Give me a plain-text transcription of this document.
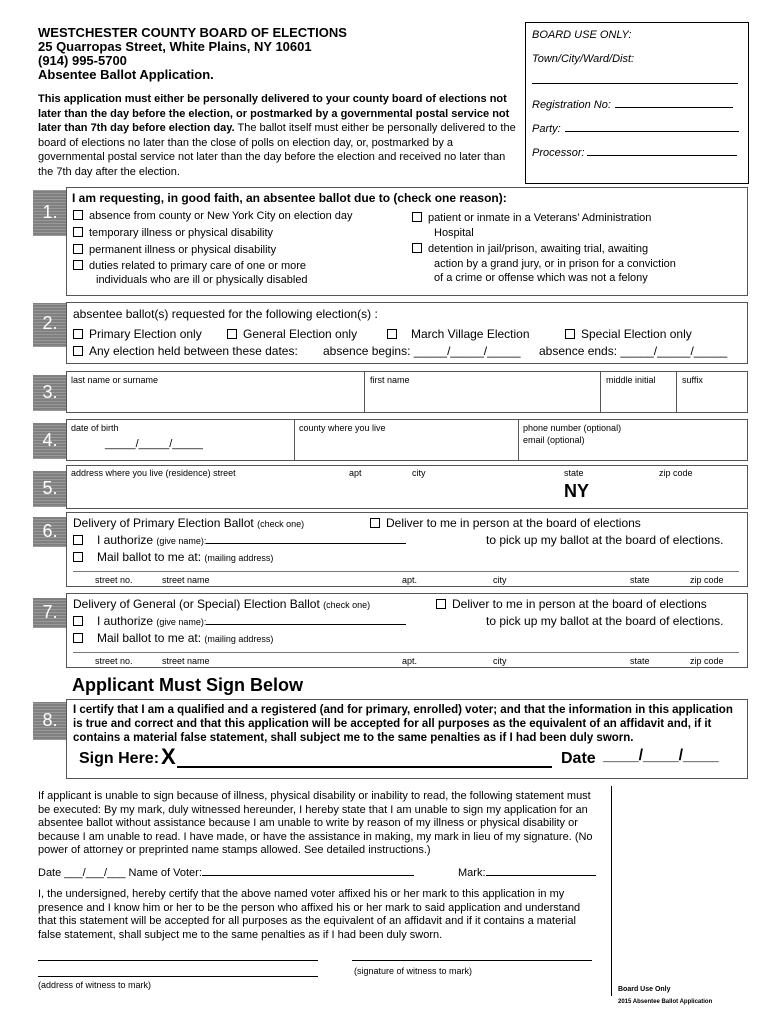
WESTCHESTER COUNTY BOARD OF ELECTIONS
25 Quarropas Street, White Plains, NY 10601
(914) 995-5700
Absentee Ballot Application.
This application must either be personally delivered to your county board of elections not later than the day before the election, or postmarked by a governmental postal service not later than 7th day before election day. The ballot itself must either be personally delivered to the board of elections no later than the close of polls on election day, or, postmarked by a governmental postal service not later than the day before the election and received no later than the 7th day after the election.
BOARD USE ONLY:
Town/City/Ward/Dist:
Registration No:
Party:
Processor:
1.
I am requesting, in good faith, an absentee ballot due to (check one reason):
absence from county or New York City on election day
temporary illness or physical disability
permanent illness or physical disability
duties related to primary care of one or more
individuals who are ill or physically disabled
patient or inmate in a Veterans’ Administration
Hospital
detention in jail/prison, awaiting trial, awaiting
action by a grand jury, or in prison for a conviction
of a crime or offense which was not a felony
2.	absentee ballot(s) requested for the following election(s) :
Primary Election only	General Election only	March Village Election	Special Election only
Any election held between these dates: absence begins: _____/_____/_____ absence ends: _____/_____/_____
3.
last name or surname	first name	middle initial	suffix
4.
date of birth
_____/_____/_____
county where you live	phone number (optional)
email (optional)
5.
address where you live (residence) street	apt	city	state	zip code
NY
6.	Delivery of Primary Election Ballot (check one)	Deliver to me in person at the board of elections
I authorize (give name):	to pick up my ballot at the board of elections.
Mail ballot to me at: (mailing address)
street no.	street name	apt.	city	state	zip code
7.	Delivery of General (or Special) Election Ballot (check one)	Deliver to me in person at the board of elections
I authorize (give name):	to pick up my ballot at the board of elections.
Mail ballot to me at: (mailing address)
street no.	street name	apt.	city	state	zip code
Applicant Must Sign Below
8.	I certify that I am a qualified and a registered (and for primary, enrolled) voter; and that the information in this application is true and correct and that this application will be accepted for all purposes as the equivalent of an affidavit and, if it contains a material false statement, shall subject me to the same penalties as if I had been duly sworn.
Sign Here: X	Date ____/____/____
If applicant is unable to sign because of illness, physical disability or inability to read, the following statement must be executed: By my mark, duly witnessed hereunder, I hereby state that I am unable to sign my application for an absentee ballot without assistance because I am unable to write by reason of my illness or physical disability or because I am unable to read. I have made, or have the assistance in making, my mark in lieu of my signature. (No power of attorney or preprinted name stamps allowed. See detailed instructions.)
Date ___/___/___ Name of Voter:	Mark:
I, the undersigned, hereby certify that the above named voter affixed his or her mark to this application in my presence and I know him or her to be the person who affixed his or her mark to said application and understand that this statement will be accepted for all purposes as the equivalent of an affidavit and if it contains a material false statement, shall subject me to the same penalties as if I had been duly sworn.
(signature of witness to mark)
(address of witness to mark)	Board Use Only
2015 Absentee Ballot Application
